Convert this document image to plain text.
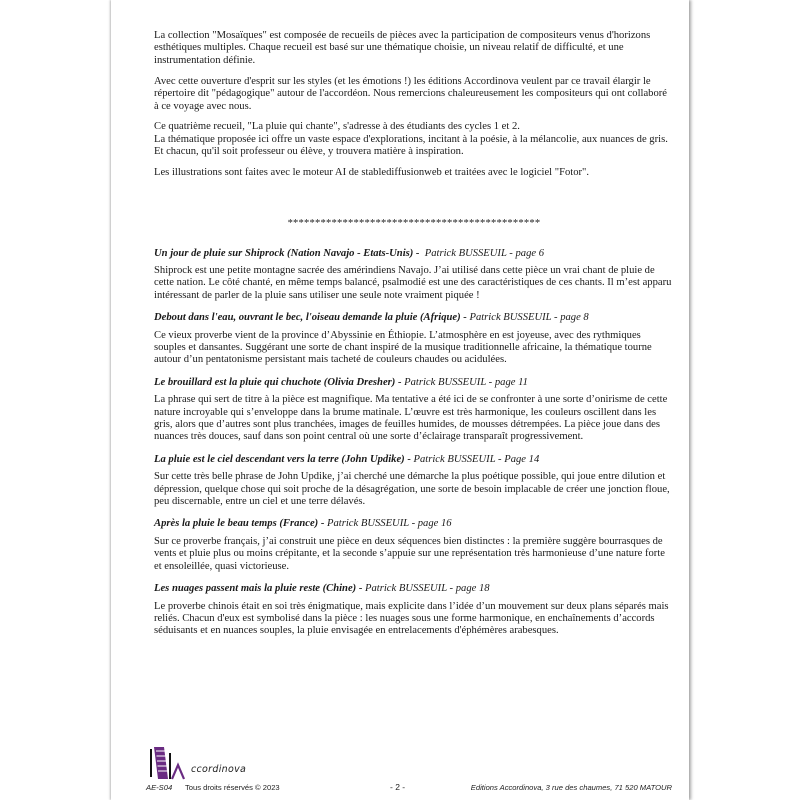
La collection "Mosaïques" est composée de recueils de pièces avec la participation de compositeurs venus d'horizons esthétiques multiples. Chaque recueil est basé sur une thématique choisie, un niveau relatif de difficulté, et une instrumentation définie.

Avec cette ouverture d'esprit sur les styles (et les émotions !) les éditions Accordinova veulent par ce travail élargir le répertoire dit "pédagogique" autour de l'accordéon. Nous remercions chaleureusement les compositeurs qui ont collaboré à ce voyage avec nous.

Ce quatrième recueil, "La pluie qui chante", s'adresse à des étudiants des cycles 1 et 2.

La thématique proposée ici offre un vaste espace d'explorations, incitant à la poésie, à la mélancolie, aux nuances de gris. Et chacun, qu'il soit professeur ou élève, y trouvera matière à inspiration.

Les illustrations sont faites avec le moteur AI de stablediffusionweb et traitées avec le logiciel "Fotor".

**********************************************
Un jour de pluie sur Shiprock (Nation Navajo - Etats-Unis) - Patrick BUSSEUIL - page 6

Shiprock est une petite montagne sacrée des amérindiens Navajo. J’ai utilisé dans cette pièce un vrai chant de pluie de cette nation. Le côté chanté, en même temps balancé, psalmodié est une des caractéristiques de ces chants. Il m’est apparu intéressant de parler de la pluie sans utiliser une seule note vraiment piquée !

Debout dans l'eau, ouvrant le bec, l'oiseau demande la pluie (Afrique) - Patrick BUSSEUIL - page 8

Ce vieux proverbe vient de la province d’Abyssinie en Éthiopie. L’atmosphère en est joyeuse, avec des rythmiques souples et dansantes. Suggérant une sorte de chant inspiré de la musique traditionnelle africaine, la thématique tourne autour d’un pentatonisme persistant mais tacheté de couleurs chaudes ou acidulées.

Le brouillard est la pluie qui chuchote (Olivia Dresher) - Patrick BUSSEUIL - page 11

La phrase qui sert de titre à la pièce est magnifique. Ma tentative a été ici de se confronter à une sorte d’onirisme de cette nature incroyable qui s’enveloppe dans la brume matinale. L’œuvre est très harmonique, les couleurs oscillent dans les gris, alors que d’autres sont plus tranchées, images de feuilles humides, de mousses détrempées. La pièce joue dans des nuances très douces, sauf dans son point central où une sorte d’éclairage transparaît progressivement.

La pluie est le ciel descendant vers la terre (John Updike) - Patrick BUSSEUIL - Page 14

Sur cette très belle phrase de John Updike, j’ai cherché une démarche la plus poétique possible, qui joue entre dilution et dépression, quelque chose qui soit proche de la désagrégation, une sorte de besoin implacable de créer une jonction floue, peu discernable, entre un ciel et une terre délavés.

Après la pluie le beau temps (France) - Patrick BUSSEUIL - page 16

Sur ce proverbe français, j’ai construit une pièce en deux séquences bien distinctes : la première suggère bourrasques de vents et pluie plus ou moins crépitante, et la seconde s’appuie sur une représentation très harmonieuse d’une nature forte et ensoleillée, quasi victorieuse.

Les nuages passent mais la pluie reste (Chine) - Patrick BUSSEUIL - page 18

Le proverbe chinois était en soi très énigmatique, mais explicite dans l’idée d’un mouvement sur deux plans séparés mais reliés. Chacun d'eux est symbolisé dans la pièce : les nuages sous une forme harmonique, en enchaînements d’accords séduisants et en nuances souples, la pluie envisagée en entrelacements d'éphémères arabesques.

ccordinova
AE-S04 Tous droits réservés © 2023	- 2 -	Editions Accordinova, 3 rue des chaumes, 71 520 MATOUR
